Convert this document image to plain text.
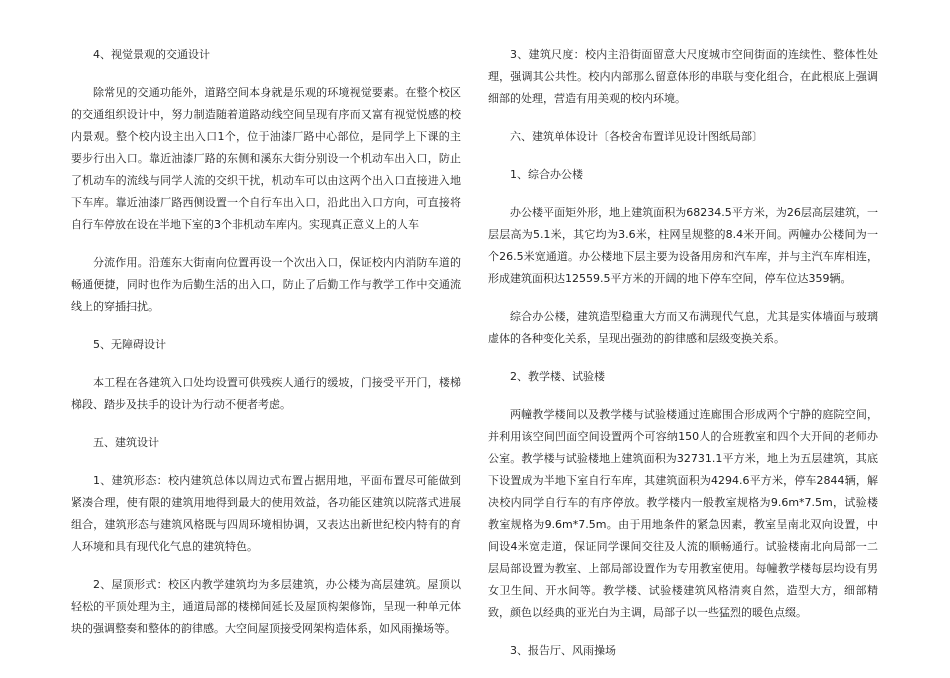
4、视觉景观的交通设计
除常见的交通功能外，道路空间本身就是乐观的环境视觉要素。在整个校区的交通组织设计中，努力制造随着道路动线空间呈现有序而又富有视觉悦感的校内景观。整个校内设主出入口1个，位于油漆厂路中心部位，是同学上下课的主要步行出入口。靠近油漆厂路的东侧和溪东大街分别设一个机动车出入口，防止了机动车的流线与同学人流的交织干扰，机动车可以由这两个出入口直接进入地下车库。靠近油漆厂路西侧设置一个自行车出入口，沿此出入口方向，可直接将自行车停放在设在半地下室的3个非机动车库内。实现真正意义上的人车
分流作用。沿莲东大街南向位置再设一个次出入口，保证校内内消防车道的畅通便捷，同时也作为后勤生活的出入口，防止了后勤工作与教学工作中交通流线上的穿插扫扰。
5、无障碍设计
本工程在各建筑入口处均设置可供残疾人通行的缓坡，门接受平开门，楼梯梯段、踏步及扶手的设计为行动不便者考虑。
五、建筑设计
1、建筑形态：校内建筑总体以周边式布置占据用地，平面布置尽可能做到紧凑合理，使有限的建筑用地得到最大的使用效益，各功能区建筑以院落式进展组合，建筑形态与建筑风格既与四周环境相协调，又表达出新世纪校内特有的育人环境和具有现代化气息的建筑特色。
2、屋顶形式：校区内教学建筑均为多层建筑，办公楼为高层建筑。屋顶以轻松的平顶处理为主，通道局部的楼梯间延长及屋顶构架修饰，呈现一种单元体块的强调整奏和整体的韵律感。大空间屋顶接受网架构造体系，如风雨操场等。
3、建筑尺度：校内主沿街面留意大尺度城市空间街面的连续性、整体性处理，强调其公共性。校内内部那么留意体形的串联与变化组合，在此根底上强调细部的处理，营造有用美观的校内环境。
六、建筑单体设计〔各校舍布置详见设计图纸局部〕
1、综合办公楼
办公楼平面矩外形，地上建筑面积为68234.5平方米，为26层高层建筑，一层层高为5.1米，其它均为3.6米，柱网呈规整的8.4米开间。两幢办公楼间为一个26.5米宽通道。办公楼地下层主要为设备用房和汽车库，并与主汽车库相连，形成建筑面积达12559.5平方米的开阔的地下停车空间，停车位达359辆。
综合办公楼，建筑造型稳重大方而又布满现代气息，尤其是实体墙面与玻璃虚体的各种变化关系，呈现出强劲的韵律感和层级变换关系。
2、教学楼、试验楼
两幢教学楼间以及教学楼与试验楼通过连廊围合形成两个宁静的庭院空间，并利用该空间凹面空间设置两个可容纳150人的合班教室和四个大开间的老师办公室。教学楼与试验楼地上建筑面积为32731.1平方米，地上为五层建筑，其底下设置成为半地下室自行车库，其建筑面积为4294.6平方米，停车2844辆，解决校内同学自行车的有序停放。教学楼内一般教室规格为9.6m*7.5m，试验楼教室规格为9.6m*7.5m。由于用地条件的紧急因素，教室呈南北双向设置，中间设4米宽走道，保证同学课间交往及人流的顺畅通行。试验楼南北向局部一二层局部设置为教室、上部局部设置作为专用教室使用。每幢教学楼每层均设有男女卫生间、开水间等。教学楼、试验楼建筑风格清爽自然，造型大方，细部精致，颜色以经典的亚光白为主调，局部子以一些猛烈的暖色点缀。
3、报告厅、风雨操场
